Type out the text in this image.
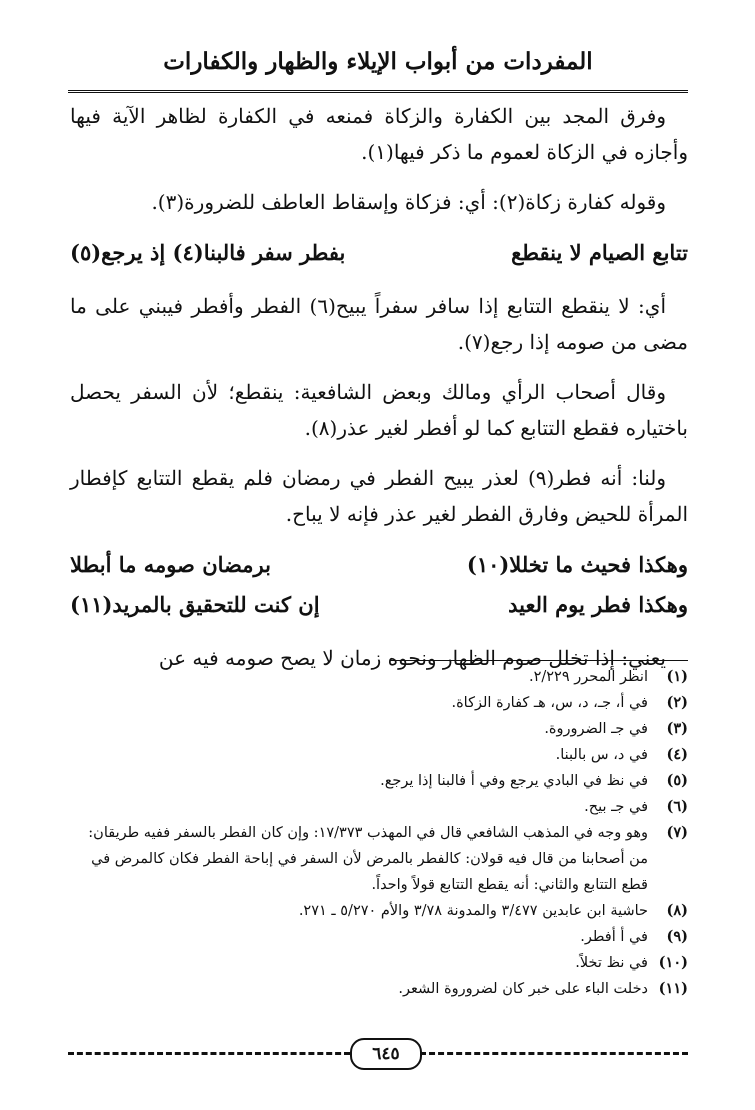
المفردات من أبواب الإيلاء والظهار والكفارات

وفرق المجد بين الكفارة والزكاة فمنعه في الكفارة لظاهر الآية فيها وأجازه في الزكاة لعموم ما ذكر فيها(١).

وقوله كفارة زكاة(٢): أي: فزكاة وإسقاط العاطف للضرورة(٣).

تتابع الصيام لا ينقطع
بفطر سفر فالبنا(٤) إذ يرجع(٥)

أي: لا ينقطع التتابع إذا سافر سفراً يبيح(٦) الفطر وأفطر فيبني على ما مضى من صومه إذا رجع(٧).

وقال أصحاب الرأي ومالك وبعض الشافعية: ينقطع؛ لأن السفر يحصل باختياره فقطع التتابع كما لو أفطر لغير عذر(٨).

ولنا: أنه فطر(٩) لعذر يبيح الفطر في رمضان فلم يقطع التتابع كإفطار المرأة للحيض وفارق الفطر لغير عذر فإنه لا يباح.

وهكذا فحيث ما تخللا(١٠)
برمضان صومه ما أبطلا
وهكذا فطر يوم العيد
إن كنت للتحقيق بالمريد(١١)

يعني: إذا تخلل صوم الظهار ونحوه زمان لا يصح صومه فيه عن

(١)
انظر المحرر ٢/٢٢٩.
(٢)
في أ، جـ، د، س، هـ كفارة الزكاة.
(٣)
في جـ الضروروة.
(٤)
في د، س بالبنا.
(٥)
في نظ في البادي يرجع وفي أ فالبنا إذا يرجع.
(٦)
في جـ بيح.
(٧)
وهو وجه في المذهب الشافعي قال في المهذب ١٧/٣٧٣: وإن كان الفطر بالسفر ففيه طريقان: من أصحابنا من قال فيه قولان: كالفطر بالمرض لأن السفر في إباحة الفطر فكان كالمرض في قطع التتابع والثاني: أنه يقطع التتابع قولاً واحداً.
(٨)
حاشية ابن عابدين ٣/٤٧٧ والمدونة ٣/٧٨ والأم ٥/٢٧٠ ـ ٢٧١.
(٩)
في أ أفطر.
(١٠)
في نظ تخلاً.
(١١)
دخلت الباء على خبر كان لضروروة الشعر.
٦٤٥
